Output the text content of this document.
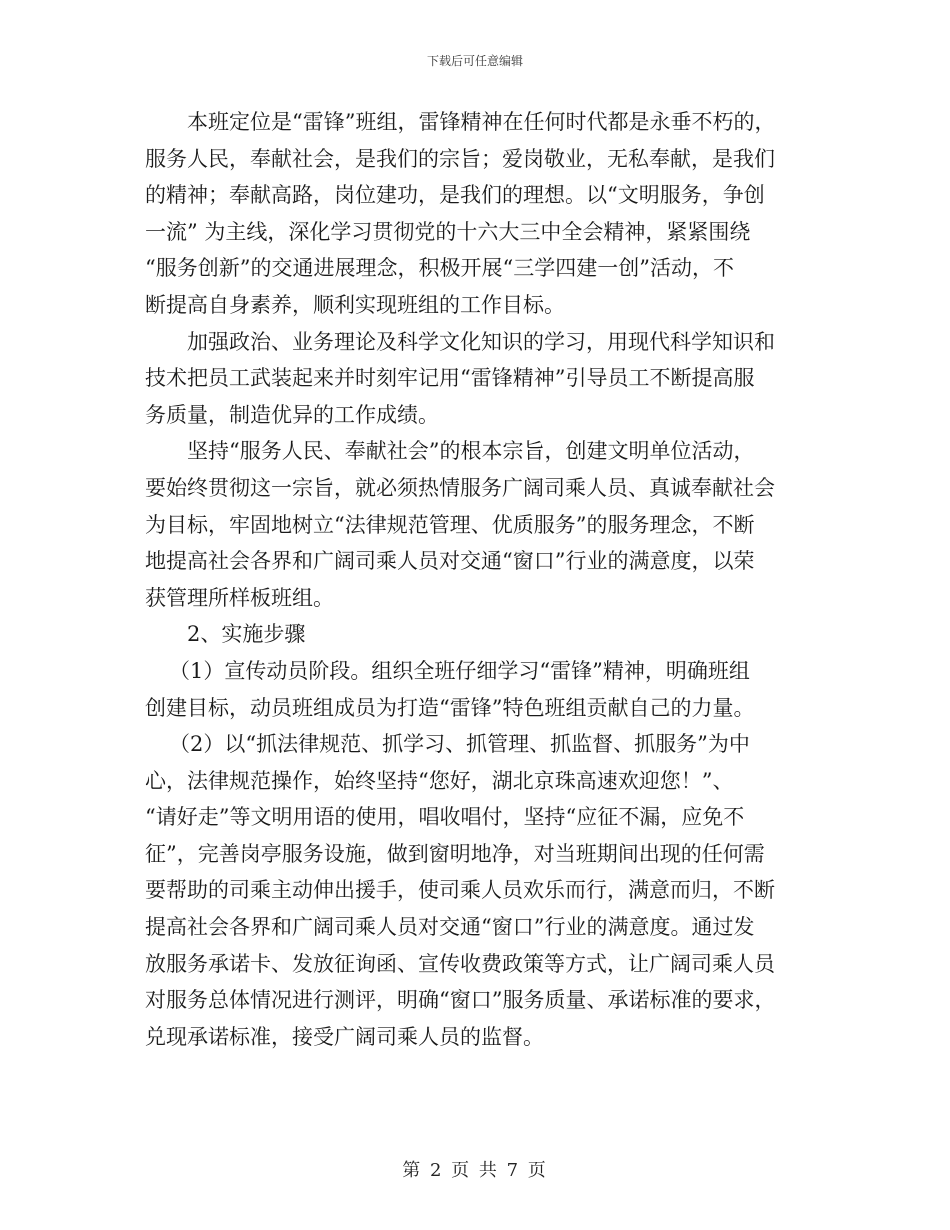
下载后可任意编辑
本班定位是“雷锋”班组，雷锋精神在任何时代都是永垂不朽的，
服务人民，奉献社会，是我们的宗旨；爱岗敬业，无私奉献，是我们
的精神；奉献高路，岗位建功，是我们的理想。以“文明服务，争创
一流” 为主线，深化学习贯彻党的十六大三中全会精神，紧紧围绕
“服务创新”的交通进展理念，积极开展“三学四建一创”活动，不
断提高自身素养，顺利实现班组的工作目标。
加强政治、业务理论及科学文化知识的学习，用现代科学知识和
技术把员工武装起来并时刻牢记用“雷锋精神”引导员工不断提高服
务质量，制造优异的工作成绩。
坚持“服务人民、奉献社会”的根本宗旨，创建文明单位活动，
要始终贯彻这一宗旨，就必须热情服务广阔司乘人员、真诚奉献社会
为目标，牢固地树立“法律规范管理、优质服务”的服务理念，不断
地提高社会各界和广阔司乘人员对交通“窗口”行业的满意度，以荣
获管理所样板班组。
2、实施步骤
（1）宣传动员阶段。组织全班仔细学习“雷锋”精神，明确班组
创建目标，动员班组成员为打造“雷锋”特色班组贡献自己的力量。
（2）以“抓法律规范、抓学习、抓管理、抓监督、抓服务”为中
心，法律规范操作，始终坚持“您好，湖北京珠高速欢迎您！”、
“请好走”等文明用语的使用，唱收唱付，坚持“应征不漏，应免不
征”，完善岗亭服务设施，做到窗明地净，对当班期间出现的任何需
要帮助的司乘主动伸出援手，使司乘人员欢乐而行，满意而归，不断
提高社会各界和广阔司乘人员对交通“窗口”行业的满意度。通过发
放服务承诺卡、发放征询函、宣传收费政策等方式，让广阔司乘人员
对服务总体情况进行测评，明确“窗口”服务质量、承诺标准的要求，
兑现承诺标准，接受广阔司乘人员的监督。
第 2 页 共 7 页
